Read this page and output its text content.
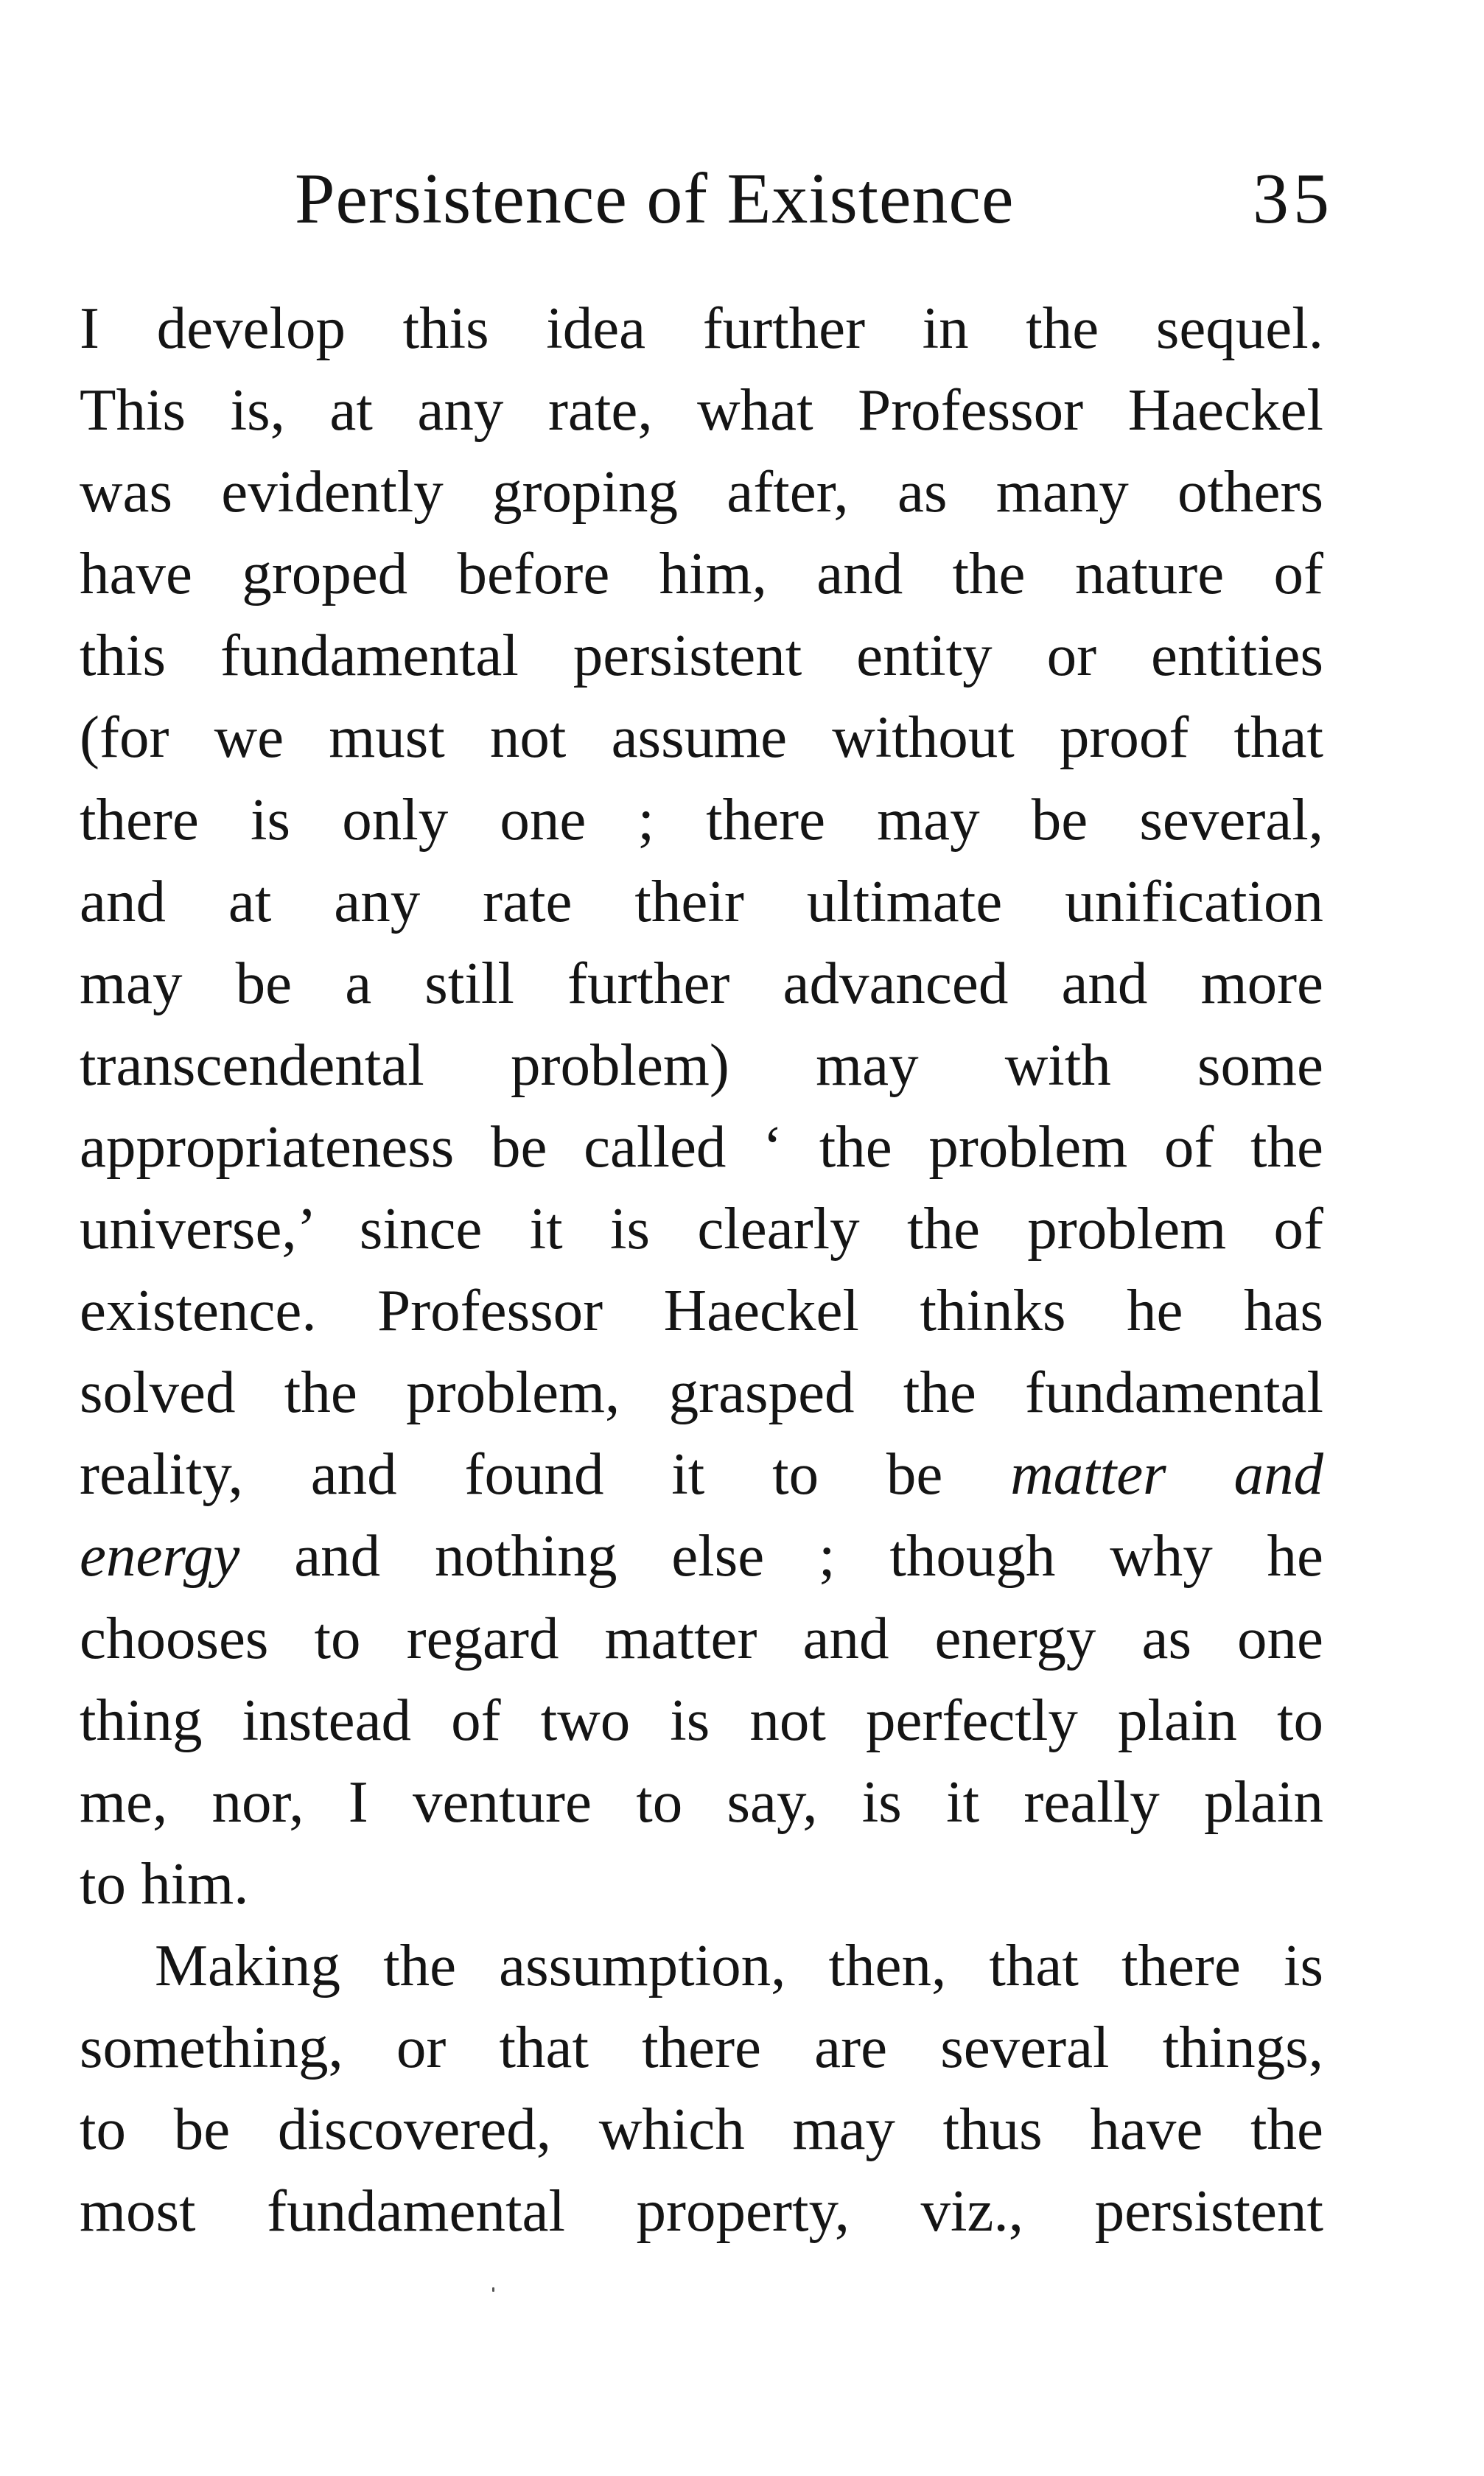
Persistence of Existence	35
I develop this idea further in the sequel.
This is, at any rate, what Professor Haeckel
was evidently groping after, as many others
have groped before him, and the nature of
this fundamental persistent entity or entities
(for we must not assume without proof that
there is only one ; there may be several,
and at any rate their ultimate unification
may be a still further advanced and more
transcendental problem) may with some
appropriateness be called ‘ the problem of the
universe,’ since it is clearly the problem of
existence. Professor Haeckel thinks he has
solved the problem, grasped the fundamental
reality, and found it to be matter and
energy and nothing else ; though why he
chooses to regard matter and energy as one
thing instead of two is not perfectly plain to
me, nor, I venture to say, is it really plain
to him.
Making the assumption, then, that there is
something, or that there are several things,
to be discovered, which may thus have the
most fundamental property, viz., persistent
